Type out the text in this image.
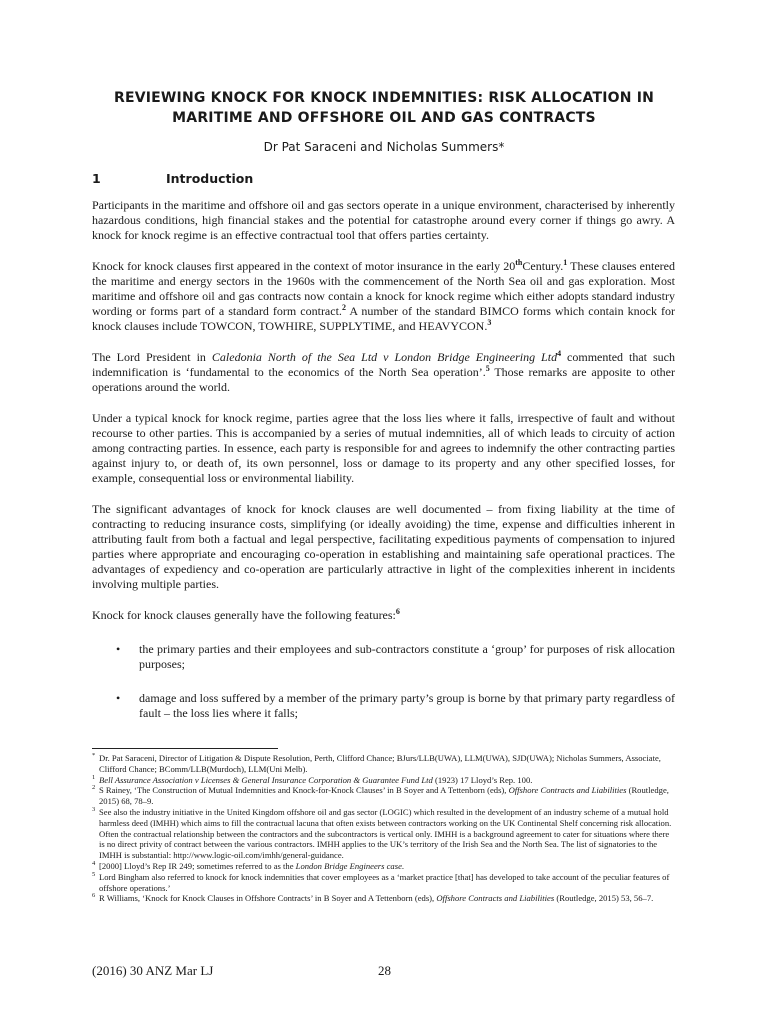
REVIEWING KNOCK FOR KNOCK INDEMNITIES: RISK ALLOCATION IN
MARITIME AND OFFSHORE OIL AND GAS CONTRACTS
Dr Pat Saraceni and Nicholas Summers*
1	Introduction

Participants in the maritime and offshore oil and gas sectors operate in a unique environment, characterised by inherently hazardous conditions, high financial stakes and the potential for catastrophe around every corner if things go awry. A knock for knock regime is an effective contractual tool that offers parties certainty.

Knock for knock clauses first appeared in the context of motor insurance in the early 20thCentury.$^1$ These clauses entered the maritime and energy sectors in the 1960s with the commencement of the North Sea oil and gas exploration. Most maritime and offshore oil and gas contracts now contain a knock for knock regime which either adopts standard industry wording or forms part of a standard form contract.$^2$ A number of the standard BIMCO forms which contain knock for knock clauses include TOWCON, TOWHIRE, SUPPLYTIME, and HEAVYCON.$^3$

The Lord President in Caledonia North of the Sea Ltd v London Bridge Engineering Ltd$^4$ commented that such indemnification is ‘fundamental to the economics of the North Sea operation’.$^5$ Those remarks are apposite to other operations around the world.

Under a typical knock for knock regime, parties agree that the loss lies where it falls, irrespective of fault and without recourse to other parties. This is accompanied by a series of mutual indemnities, all of which leads to circuity of action among contracting parties. In essence, each party is responsible for and agrees to indemnify the other contracting parties against injury to, or death of, its own personnel, loss or damage to its property and any other specified losses, for example, consequential loss or environmental liability.

The significant advantages of knock for knock clauses are well documented – from fixing liability at the time of contracting to reducing insurance costs, simplifying (or ideally avoiding) the time, expense and difficulties inherent in attributing fault from both a factual and legal perspective, facilitating expeditious payments of compensation to injured parties where appropriate and encouraging co-operation in establishing and maintaining safe operational practices. The advantages of expediency and co-operation are particularly attractive in light of the complexities inherent in incidents involving multiple parties.

Knock for knock clauses generally have the following features:$^6$

• the primary parties and their employees and sub-contractors constitute a ‘group’ for purposes of risk allocation purposes;
• damage and loss suffered by a member of the primary party’s group is borne by that primary party regardless of fault – the loss lies where it falls;
* Dr. Pat Saraceni, Director of Litigation & Dispute Resolution, Perth, Clifford Chance; BJurs/LLB(UWA), LLM(UWA), SJD(UWA); Nicholas Summers, Associate, Clifford Chance; BComm/LLB(Murdoch), LLM(Uni Melb).
1 Bell Assurance Association v Licenses & General Insurance Corporation & Guarantee Fund Ltd (1923) 17 Lloyd’s Rep. 100.
2 S Rainey, ‘The Construction of Mutual Indemnities and Knock-for-Knock Clauses’ in B Soyer and A Tettenborn (eds), Offshore Contracts and Liabilities (Routledge, 2015) 68, 78–9.
3 See also the industry initiative in the United Kingdom offshore oil and gas sector (LOGIC) which resulted in the development of an industry scheme of a mutual hold harmless deed (IMHH) which aims to fill the contractual lacuna that often exists between contractors working on the UK Continental Shelf concerning risk allocation. Often the contractual relationship between the contractors and the subcontractors is vertical only. IMHH is a background agreement to cater for situations where there is no direct privity of contract between the various contractors. IMHH applies to the UK’s territory of the Irish Sea and the North Sea. The list of signatories to the IMHH is substantial: http://www.logic-oil.com/imhh/general-guidance.
4 [2000] Lloyd’s Rep IR 249; sometimes referred to as the London Bridge Engineers case.
5 Lord Bingham also referred to knock for knock indemnities that cover employees as a ‘market practice [that] has developed to take account of the peculiar features of offshore operations.’
6 R Williams, ‘Knock for Knock Clauses in Offshore Contracts’ in B Soyer and A Tettenborn (eds), Offshore Contracts and Liabilities (Routledge, 2015) 53, 56–7.
(2016) 30 ANZ Mar LJ	28
